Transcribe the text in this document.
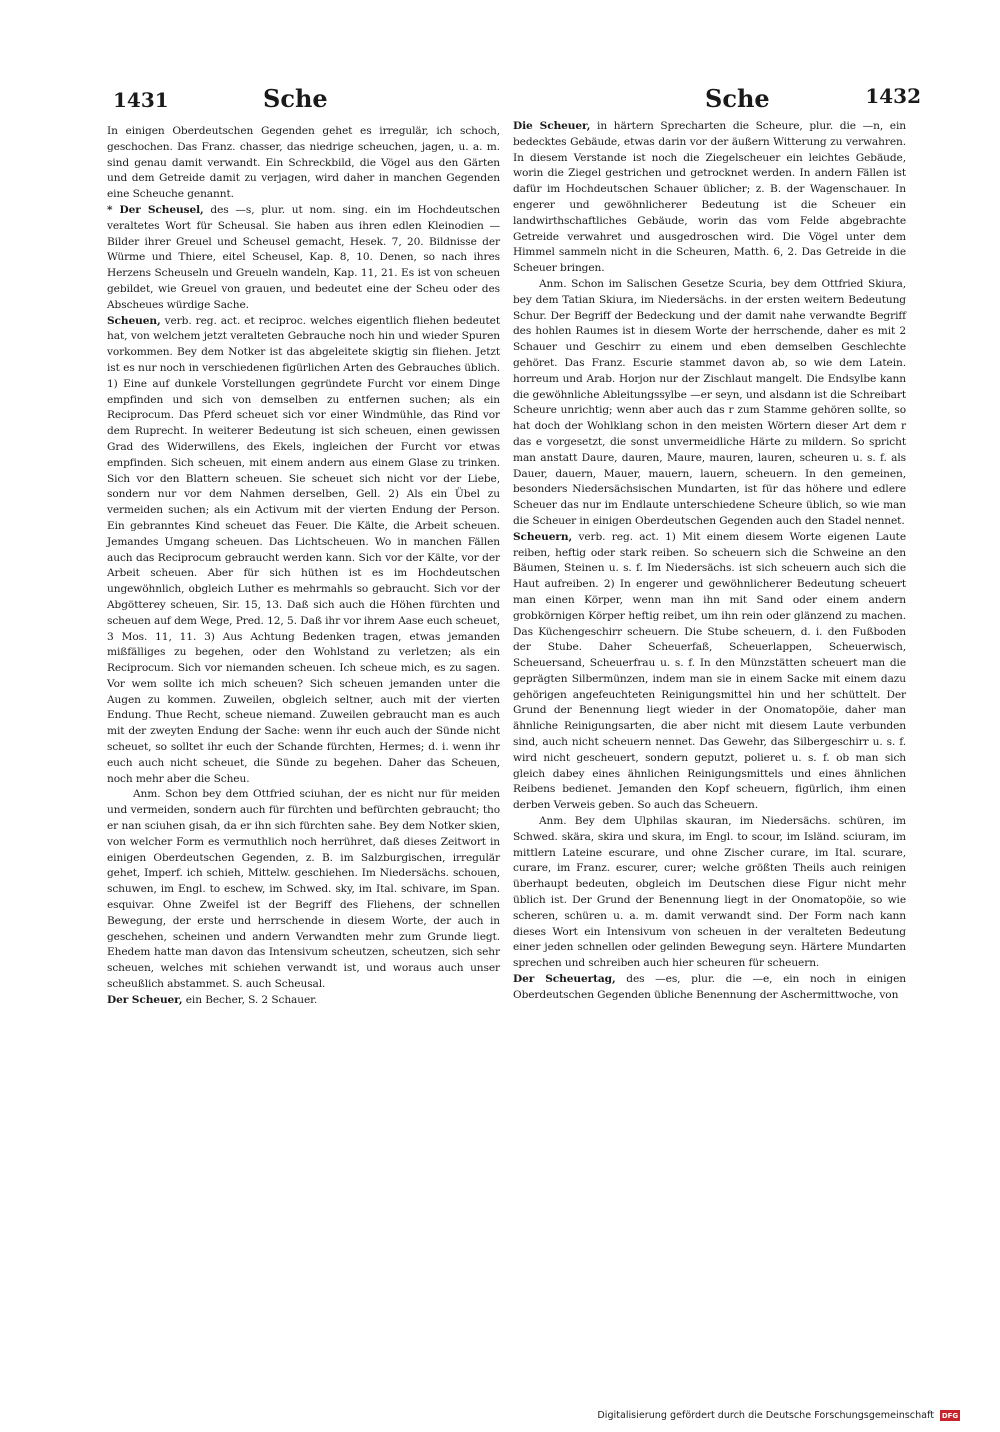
1431	Sche	Sche	1432

In einigen Oberdeutschen Gegenden gehet es irregulär, ich schoch, geschochen. Das Franz. chasser, das niedrige scheuchen, jagen, u. a. m. sind genau damit verwandt. Ein Schreckbild, die Vögel aus den Gärten und dem Getreide damit zu verjagen, wird daher in manchen Gegenden eine Scheuche genannt.

* Der Scheusel, des —s, plur. ut nom. sing. ein im Hochdeutschen veraltetes Wort für Scheusal. Sie haben aus ihren edlen Kleinodien — Bilder ihrer Greuel und Scheusel gemacht, Hesek. 7, 20. Bildnisse der Würme und Thiere, eitel Scheusel, Kap. 8, 10. Denen, so nach ihres Herzens Scheuseln und Greueln wandeln, Kap. 11, 21. Es ist von scheuen gebildet, wie Greuel von grauen, und bedeutet eine der Scheu oder des Abscheues würdige Sache.

Scheuen, verb. reg. act. et reciproc. welches eigentlich fliehen bedeutet hat, von welchem jetzt veralteten Gebrauche noch hin und wieder Spuren vorkommen. Bey dem Notker ist das abgeleitete skigtig sin fliehen. Jetzt ist es nur noch in verschiedenen figürlichen Arten des Gebrauches üblich. 1) Eine auf dunkele Vorstellungen gegründete Furcht vor einem Dinge empfinden und sich von demselben zu entfernen suchen; als ein Reciprocum. Das Pferd scheuet sich vor einer Windmühle, das Rind vor dem Ruprecht. In weiterer Bedeutung ist sich scheuen, einen gewissen Grad des Widerwillens, des Ekels, ingleichen der Furcht vor etwas empfinden. Sich scheuen, mit einem andern aus einem Glase zu trinken. Sich vor den Blattern scheuen. Sie scheuet sich nicht vor der Liebe, sondern nur vor dem Nahmen derselben, Gell. 2) Als ein Übel zu vermeiden suchen; als ein Activum mit der vierten Endung der Person. Ein gebranntes Kind scheuet das Feuer. Die Kälte, die Arbeit scheuen. Jemandes Umgang scheuen. Das Lichtscheuen. Wo in manchen Fällen auch das Reciprocum gebraucht werden kann. Sich vor der Kälte, vor der Arbeit scheuen. Aber für sich hüthen ist es im Hochdeutschen ungewöhnlich, obgleich Luther es mehrmahls so gebraucht. Sich vor der Abgötterey scheuen, Sir. 15, 13. Daß sich auch die Höhen fürchten und scheuen auf dem Wege, Pred. 12, 5. Daß ihr vor ihrem Aase euch scheuet, 3 Mos. 11, 11. 3) Aus Achtung Bedenken tragen, etwas jemanden mißfälliges zu begehen, oder den Wohlstand zu verletzen; als ein Reciprocum. Sich vor niemanden scheuen. Ich scheue mich, es zu sagen. Vor wem sollte ich mich scheuen? Sich scheuen jemanden unter die Augen zu kommen. Zuweilen, obgleich seltner, auch mit der vierten Endung. Thue Recht, scheue niemand. Zuweilen gebraucht man es auch mit der zweyten Endung der Sache: wenn ihr euch auch der Sünde nicht scheuet, so solltet ihr euch der Schande fürchten, Hermes; d. i. wenn ihr euch auch nicht scheuet, die Sünde zu begehen. Daher das Scheuen, noch mehr aber die Scheu.

Anm. Schon bey dem Ottfried sciuhan, der es nicht nur für meiden und vermeiden, sondern auch für fürchten und befürchten gebraucht; tho er nan sciuhen gisah, da er ihn sich fürchten sahe. Bey dem Notker skien, von welcher Form es vermuthlich noch herrühret, daß dieses Zeitwort in einigen Oberdeutschen Gegenden, z. B. im Salzburgischen, irregulär gehet, Imperf. ich schieh, Mittelw. geschiehen. Im Niedersächs. schouen, schuwen, im Engl. to eschew, im Schwed. sky, im Ital. schivare, im Span. esquivar. Ohne Zweifel ist der Begriff des Fliehens, der schnellen Bewegung, der erste und herrschende in diesem Worte, der auch in geschehen, scheinen und andern Verwandten mehr zum Grunde liegt. Ehedem hatte man davon das Intensivum scheutzen, scheutzen, sich sehr scheuen, welches mit schiehen verwandt ist, und woraus auch unser scheußlich abstammet. S. auch Scheusal.

Der Scheuer, ein Becher, S. 2 Schauer.

Die Scheuer, in härtern Sprecharten die Scheure, plur. die —n, ein bedecktes Gebäude, etwas darin vor der äußern Witterung zu verwahren. In diesem Verstande ist noch die Ziegelscheuer ein leichtes Gebäude, worin die Ziegel gestrichen und getrocknet werden. In andern Fällen ist dafür im Hochdeutschen Schauer üblicher; z. B. der Wagenschauer. In engerer und gewöhnlicherer Bedeutung ist die Scheuer ein landwirthschaftliches Gebäude, worin das vom Felde abgebrachte Getreide verwahret und ausgedroschen wird. Die Vögel unter dem Himmel sammeln nicht in die Scheuren, Matth. 6, 2. Das Getreide in die Scheuer bringen.

Anm. Schon im Salischen Gesetze Scuria, bey dem Ottfried Skiura, bey dem Tatian Skiura, im Niedersächs. in der ersten weitern Bedeutung Schur. Der Begriff der Bedeckung und der damit nahe verwandte Begriff des hohlen Raumes ist in diesem Worte der herrschende, daher es mit 2 Schauer und Geschirr zu einem und eben demselben Geschlechte gehöret. Das Franz. Escurie stammet davon ab, so wie dem Latein. horreum und Arab. Horjon nur der Zischlaut mangelt. Die Endsylbe kann die gewöhnliche Ableitungssylbe —er seyn, und alsdann ist die Schreibart Scheure unrichtig; wenn aber auch das r zum Stamme gehören sollte, so hat doch der Wohlklang schon in den meisten Wörtern dieser Art dem r das e vorgesetzt, die sonst unvermeidliche Härte zu mildern. So spricht man anstatt Daure, dauren, Maure, mauren, lauren, scheuren u. s. f. als Dauer, dauern, Mauer, mauern, lauern, scheuern. In den gemeinen, besonders Niedersächsischen Mundarten, ist für das höhere und edlere Scheuer das nur im Endlaute unterschiedene Scheure üblich, so wie man die Scheuer in einigen Oberdeutschen Gegenden auch den Stadel nennet.

Scheuern, verb. reg. act. 1) Mit einem diesem Worte eigenen Laute reiben, heftig oder stark reiben. So scheuern sich die Schweine an den Bäumen, Steinen u. s. f. Im Niedersächs. ist sich scheuern auch sich die Haut aufreiben. 2) In engerer und gewöhnlicherer Bedeutung scheuert man einen Körper, wenn man ihn mit Sand oder einem andern grobkörnigen Körper heftig reibet, um ihn rein oder glänzend zu machen. Das Küchengeschirr scheuern. Die Stube scheuern, d. i. den Fußboden der Stube. Daher Scheuerfaß, Scheuerlappen, Scheuerwisch, Scheuersand, Scheuerfrau u. s. f. In den Münzstätten scheuert man die geprägten Silbermünzen, indem man sie in einem Sacke mit einem dazu gehörigen angefeuchteten Reinigungsmittel hin und her schüttelt. Der Grund der Benennung liegt wieder in der Onomatopöie, daher man ähnliche Reinigungsarten, die aber nicht mit diesem Laute verbunden sind, auch nicht scheuern nennet. Das Gewehr, das Silbergeschirr u. s. f. wird nicht gescheuert, sondern geputzt, polieret u. s. f. ob man sich gleich dabey eines ähnlichen Reinigungsmittels und eines ähnlichen Reibens bedienet. Jemanden den Kopf scheuern, figürlich, ihm einen derben Verweis geben. So auch das Scheuern.

Anm. Bey dem Ulphilas skauran, im Niedersächs. schüren, im Schwed. skära, skira und skura, im Engl. to scour, im Isländ. sciuram, im mittlern Lateine escurare, und ohne Zischer curare, im Ital. scurare, curare, im Franz. escurer, curer; welche größten Theils auch reinigen überhaupt bedeuten, obgleich im Deutschen diese Figur nicht mehr üblich ist. Der Grund der Benennung liegt in der Onomatopöie, so wie scheren, schüren u. a. m. damit verwandt sind. Der Form nach kann dieses Wort ein Intensivum von scheuen in der veralteten Bedeutung einer jeden schnellen oder gelinden Bewegung seyn. Härtere Mundarten sprechen und schreiben auch hier scheuren für scheuern.

Der Scheuertag, des —es, plur. die —e, ein noch in einigen Oberdeutschen Gegenden übliche Benennung der Aschermittwoche, von

Digitalisierung gefördert durch die Deutsche Forschungsgemeinschaft DFG
